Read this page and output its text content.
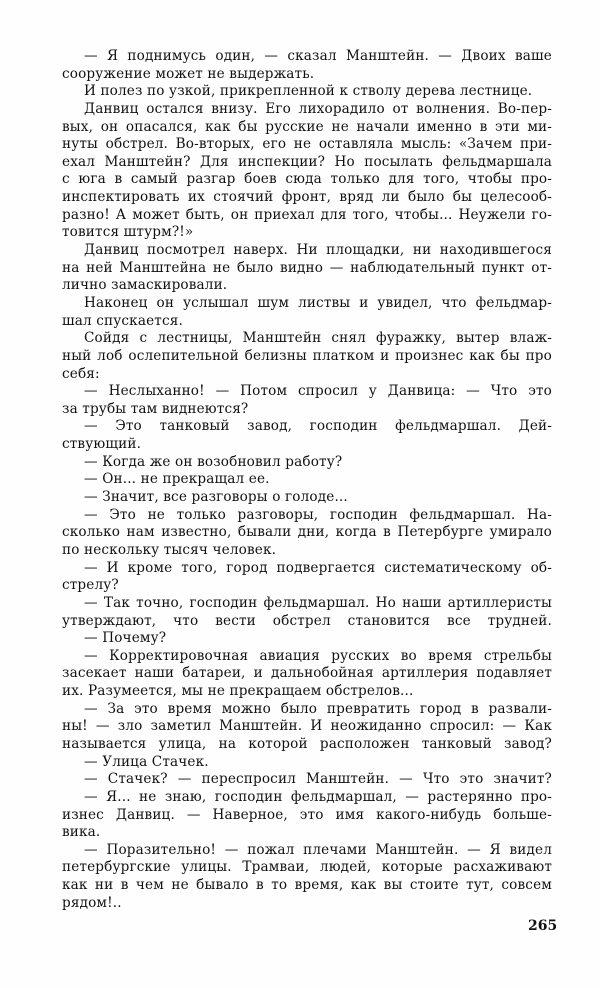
— Я поднимусь один, — сказал Манштейн. — Двоих ваше
сооружение может не выдержать.
И полез по узкой, прикрепленной к стволу дерева лестнице.
Данвиц остался внизу. Его лихорадило от волнения. Во-пер-
вых, он опасался, как бы русские не начали именно в эти ми-
нуты обстрел. Во-вторых, его не оставляла мысль: «Зачем при-
ехал Манштейн? Для инспекции? Но посылать фельдмаршала
с юга в самый разгар боев сюда только для того, чтобы про-
инспектировать их стоячий фронт, вряд ли было бы целесооб-
разно! А может быть, он приехал для того, чтобы... Неужели го-
товится штурм?!»
Данвиц посмотрел наверх. Ни площадки, ни находившегося
на ней Манштейна не было видно — наблюдательный пункт от-
лично замаскировали.
Наконец он услышал шум листвы и увидел, что фельдмар-
шал спускается.
Сойдя с лестницы, Манштейн снял фуражку, вытер влаж-
ный лоб ослепительной белизны платком и произнес как бы про
себя:
— Неслыханно! — Потом спросил у Данвица: — Что это
за трубы там виднеются?
— Это танковый завод, господин фельдмаршал. Дей-
ствующий.
— Когда же он возобновил работу?
— Он... не прекращал ее.
— Значит, все разговоры о голоде...
— Это не только разговоры, господин фельдмаршал. На-
сколько нам известно, бывали дни, когда в Петербурге умирало
по нескольку тысяч человек.
— И кроме того, город подвергается систематическому об-
стрелу?
— Так точно, господин фельдмаршал. Но наши артиллеристы
утверждают, что вести обстрел становится все трудней.
— Почему?
— Корректировочная авиация русских во время стрельбы
засекает наши батареи, и дальнобойная артиллерия подавляет
их. Разумеется, мы не прекращаем обстрелов...
— За это время можно было превратить город в развали-
ны! — зло заметил Манштейн. И неожиданно спросил: — Как
называется улица, на которой расположен танковый завод?
— Улица Стачек.
— Стачек? — переспросил Манштейн. — Что это значит?
— Я... не знаю, господин фельдмаршал, — растерянно про-
изнес Данвиц. — Наверное, это имя какого-нибудь больше-
вика.
— Поразительно! — пожал плечами Манштейн. — Я видел
петербургские улицы. Трамваи, людей, которые расхаживают
как ни в чем не бывало в то время, как вы стоите тут, совсем
рядом!..
265
